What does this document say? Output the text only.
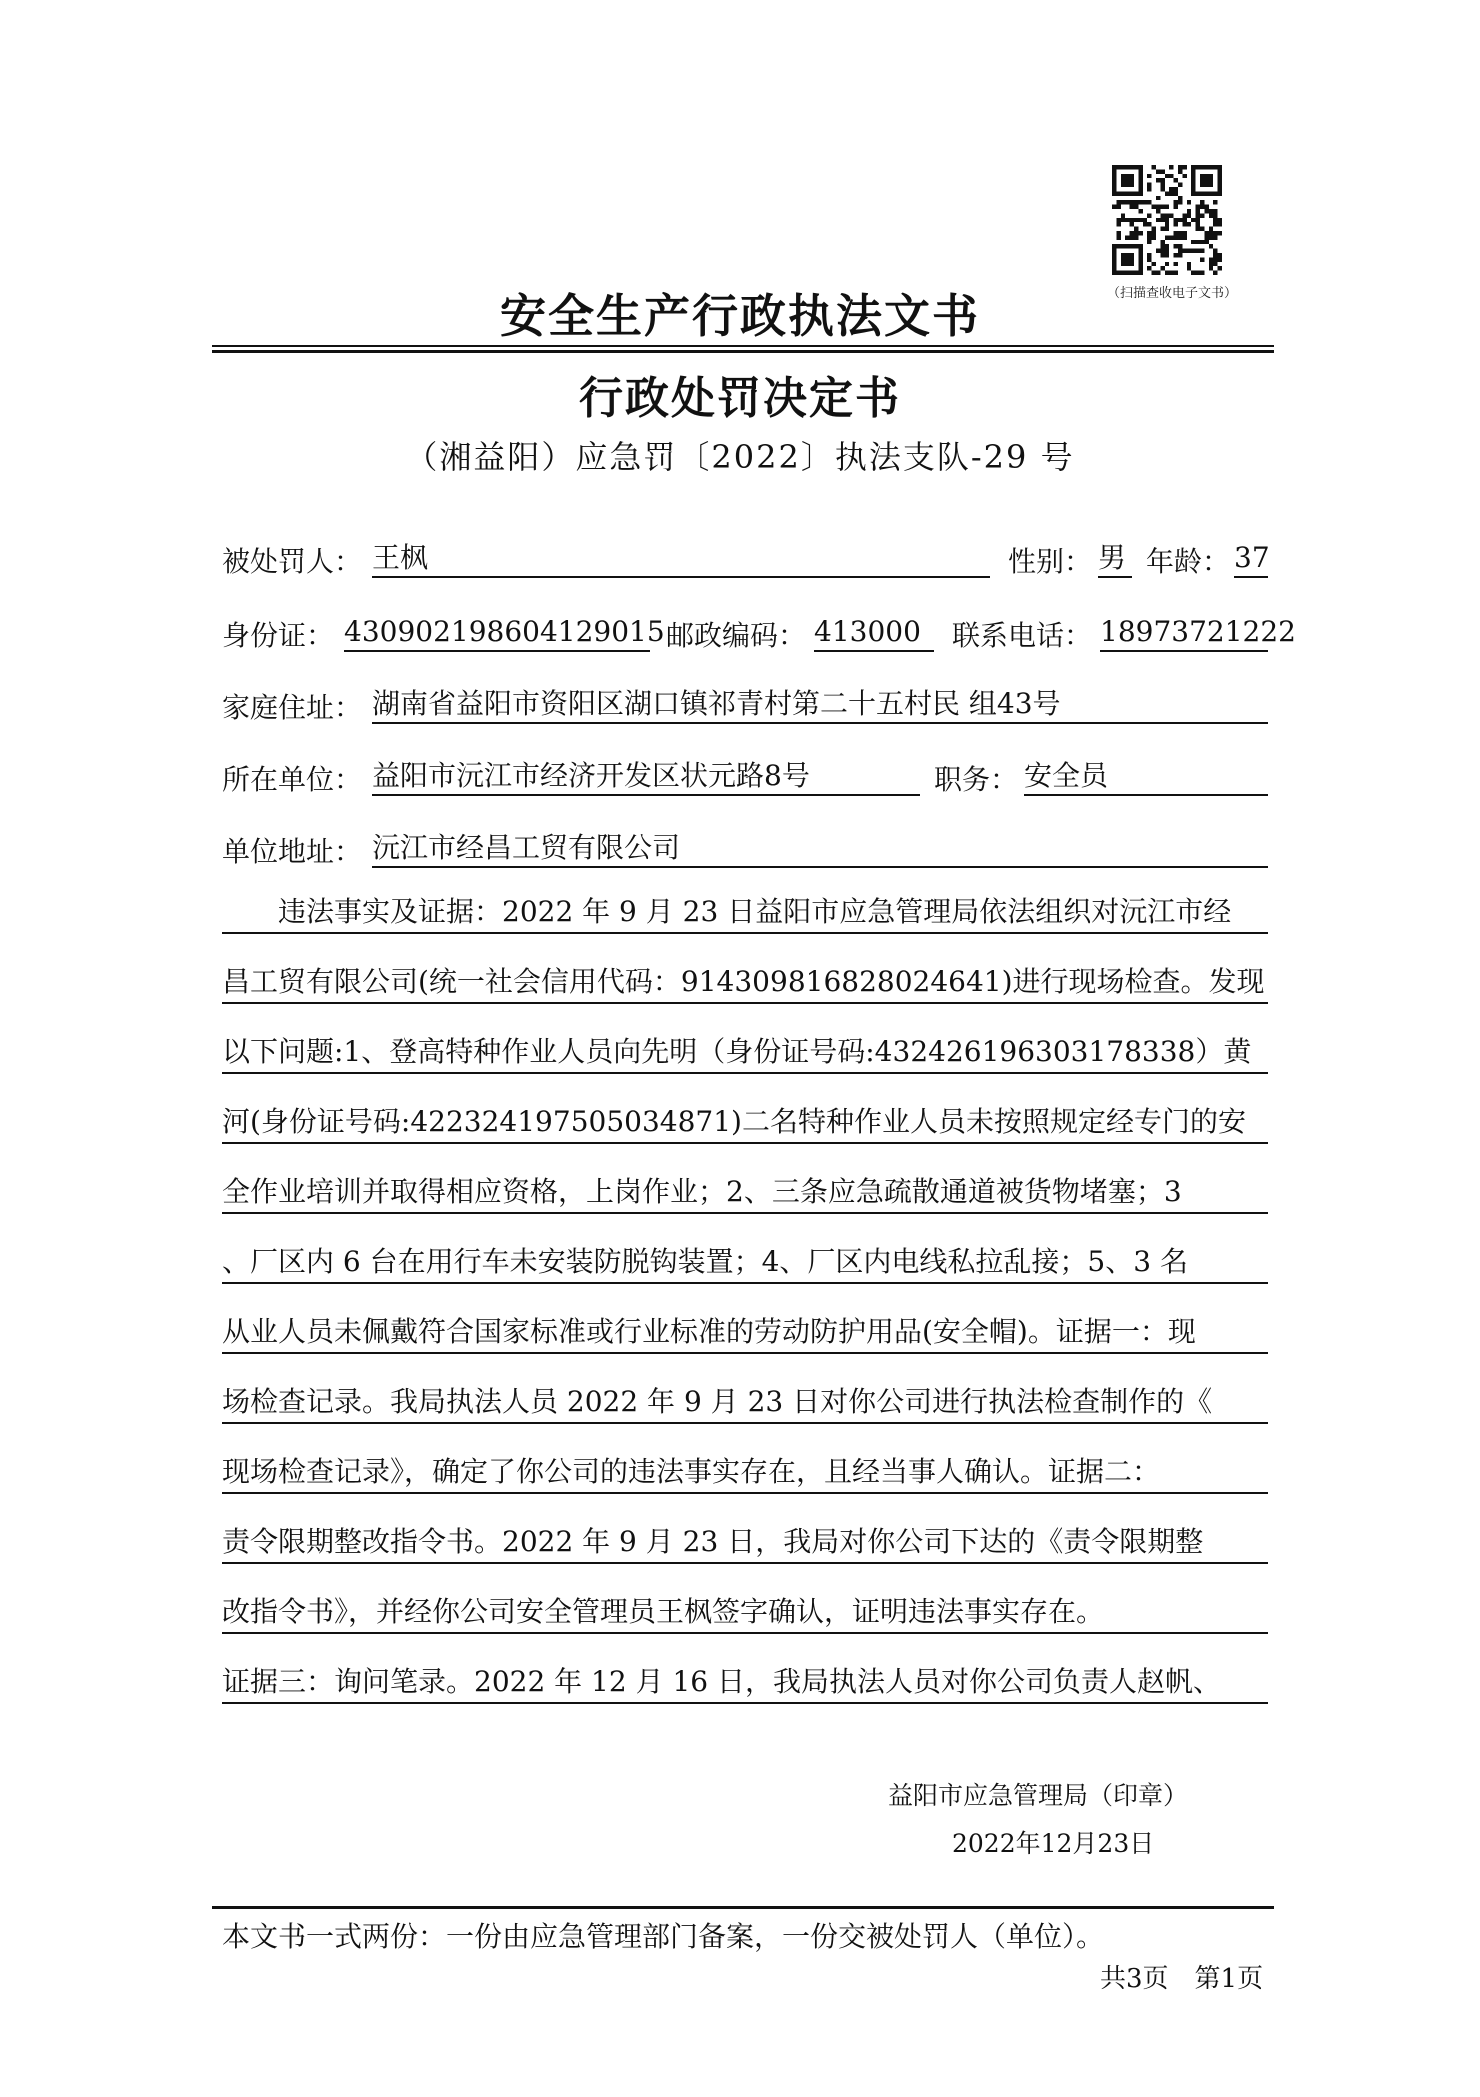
（扫描查收电子文书）
安全生产行政执法文书
行政处罚决定书
（湘益阳）应急罚〔2022〕执法支队-29 号
被处罚人： 王枫	性别： 男 年龄： 37
身份证： 430902198604129015 邮政编码： 413000	联系电话： 18973721222
家庭住址： 湖南省益阳市资阳区湖口镇祁青村第二十五村民 组43号
所在单位： 益阳市沅江市经济开发区状元路8号	职务： 安全员
单位地址： 沅江市经昌工贸有限公司
　　违法事实及证据：2022 年 9 月 23 日益阳市应急管理局依法组织对沅江市经
昌工贸有限公司(统一社会信用代码：914309816828024641)进行现场检查。发现
以下问题:1、登高特种作业人员向先明（身份证号码:432426196303178338）黄
河(身份证号码:422324197505034871)二名特种作业人员未按照规定经专门的安
全作业培训并取得相应资格，上岗作业；2、三条应急疏散通道被货物堵塞；3
、厂区内 6 台在用行车未安装防脱钩装置；4、厂区内电线私拉乱接；5、3 名
从业人员未佩戴符合国家标准或行业标准的劳动防护用品(安全帽)。证据一：现
场检查记录。我局执法人员 2022 年 9 月 23 日对你公司进行执法检查制作的《
现场检查记录》，确定了你公司的违法事实存在，且经当事人确认。证据二：
责令限期整改指令书。2022 年 9 月 23 日，我局对你公司下达的《责令限期整
改指令书》，并经你公司安全管理员王枫签字确认，证明违法事实存在。
证据三：询问笔录。2022 年 12 月 16 日，我局执法人员对你公司负责人赵帆、
益阳市应急管理局（印章）
2022年12月23日
本文书一式两份：一份由应急管理部门备案，一份交被处罚人（单位）。
共3页　第1页
